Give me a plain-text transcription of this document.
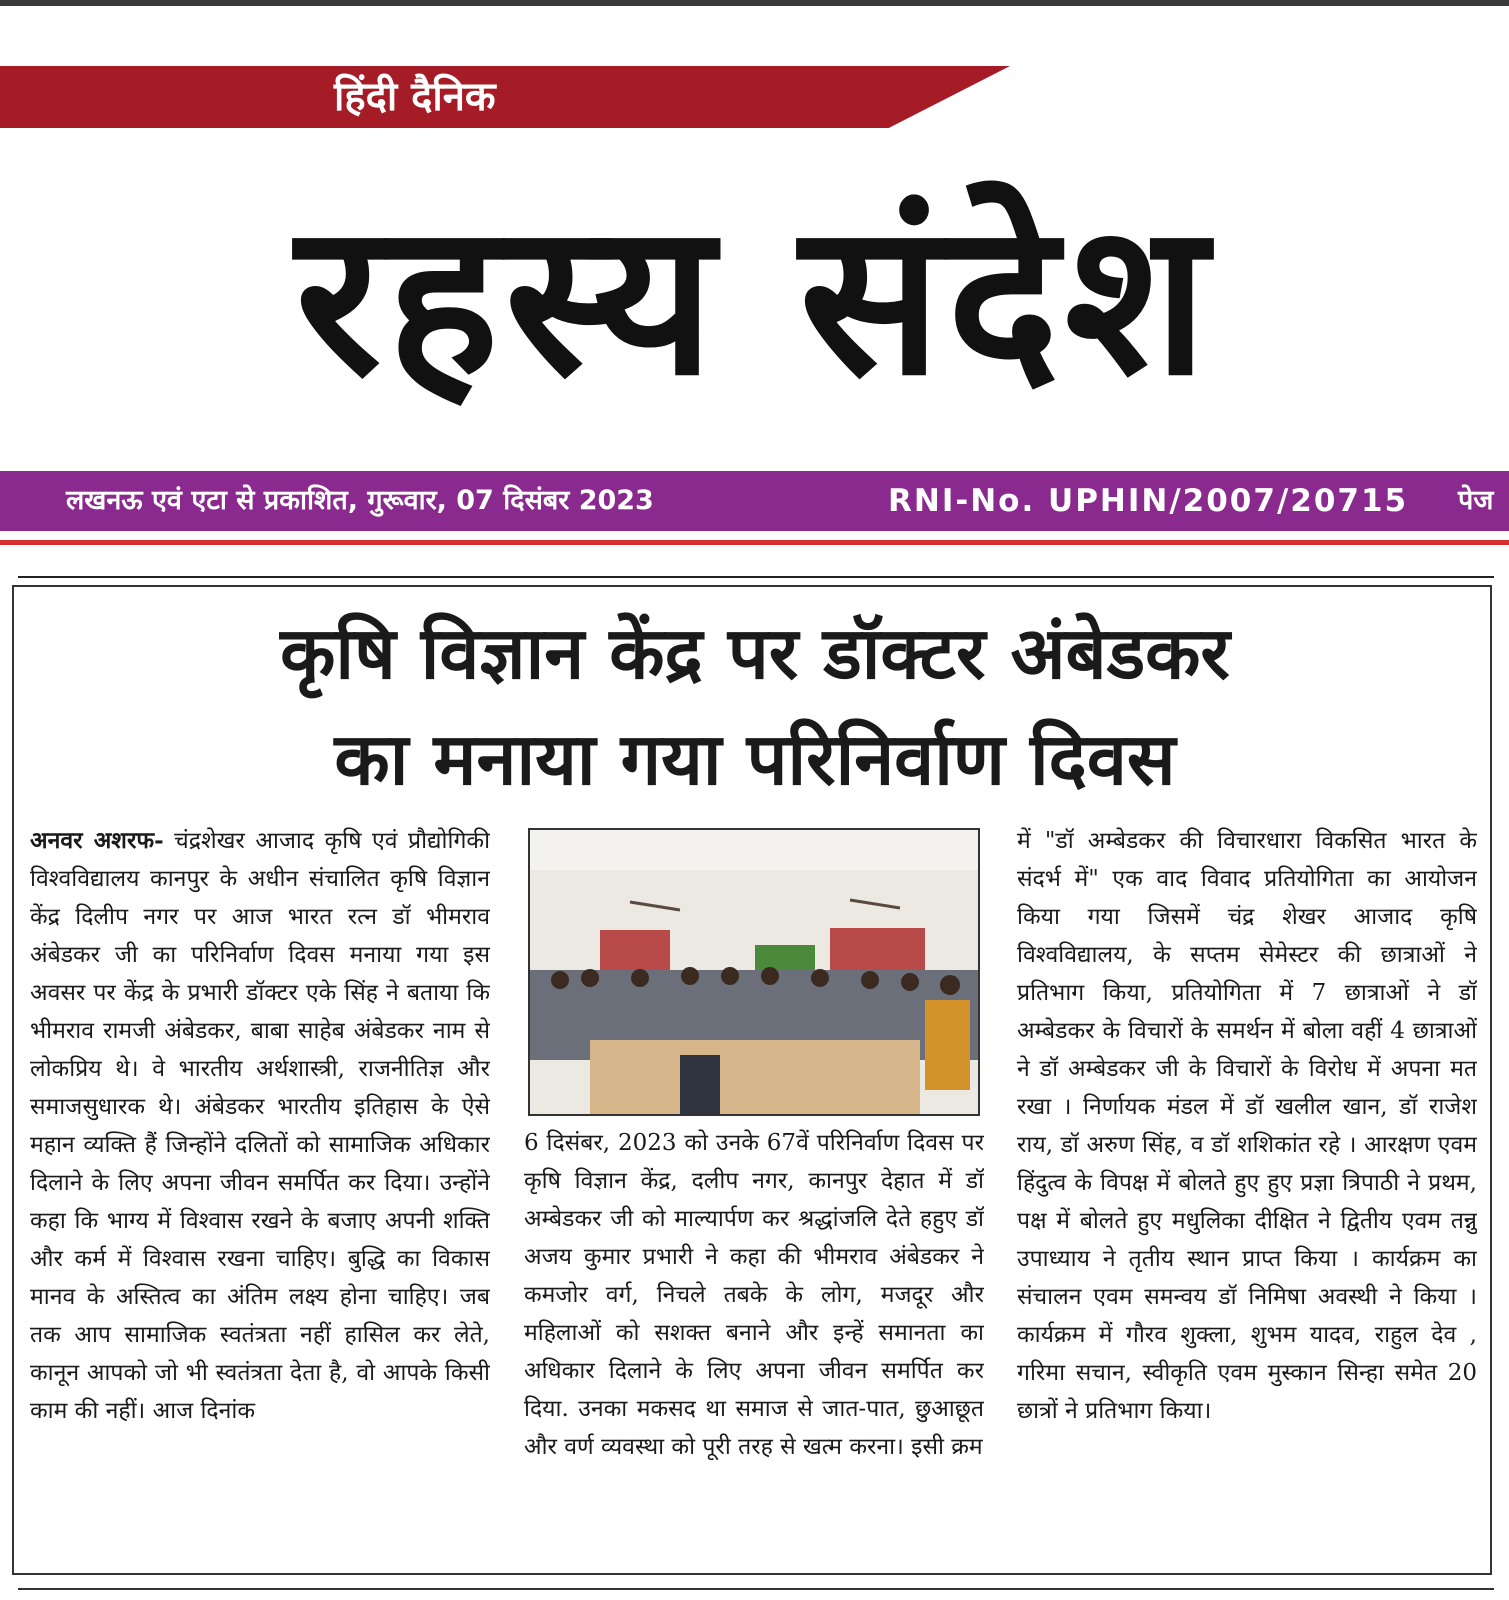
हिंदी दैनिक
रहस्य संदेश
लखनऊ एवं एटा से प्रकाशित, गुरूवार, 07 दिसंबर 2023	RNI-No. UPHIN/2007/20715 पेज
कृषि विज्ञान केंद्र पर डॉक्टर अंबेडकर
का मनाया गया परिनिर्वाण दिवस
अनवर अशरफ- चंद्रशेखर आजाद कृषि एवं प्रौद्योगिकी विश्वविद्यालय कानपुर के अधीन संचालित कृषि विज्ञान केंद्र दिलीप नगर पर आज भारत रत्न डॉ भीमराव अंबेडकर जी का परिनिर्वाण दिवस मनाया गया इस अवसर पर केंद्र के प्रभारी डॉक्टर एके सिंह ने बताया कि भीमराव रामजी अंबेडकर, बाबा साहेब अंबेडकर नाम से लोकप्रिय थे। वे भारतीय अर्थशास्त्री, राजनीतिज्ञ और समाजसुधारक थे। अंबेडकर भारतीय इतिहास के ऐसे महान व्यक्ति हैं जिन्होंने दलितों को सामाजिक अधिकार दिलाने के लिए अपना जीवन समर्पित कर दिया। उन्होंने कहा कि भाग्य में विश्वास रखने के बजाए अपनी शक्ति और कर्म में विश्वास रखना चाहिए। बुद्धि का विकास मानव के अस्तित्व का अंतिम लक्ष्य होना चाहिए। जब तक आप सामाजिक स्वतंत्रता नहीं हासिल कर लेते, कानून आपको जो भी स्वतंत्रता देता है, वो आपके किसी काम की नहीं। आज दिनांक
6 दिसंबर, 2023 को उनके 67वें परिनिर्वाण दिवस पर कृषि विज्ञान केंद्र, दलीप नगर, कानपुर देहात में डॉ अम्बेडकर जी को माल्यार्पण कर श्रद्धांजलि देते हहुए डॉ अजय कुमार प्रभारी ने कहा की भीमराव अंबेडकर ने कमजोर वर्ग, निचले तबके के लोग, मजदूर और महिलाओं को सशक्त बनाने और इन्हें समानता का अधिकार दिलाने के लिए अपना जीवन समर्पित कर दिया. उनका मकसद था समाज से जात-पात, छुआछूत और वर्ण व्यवस्था को पूरी तरह से खत्म करना। इसी क्रम
में "डॉ अम्बेडकर की विचारधारा विकसित भारत के संदर्भ में" एक वाद विवाद प्रतियोगिता का आयोजन किया गया जिसमें चंद्र शेखर आजाद कृषि विश्वविद्यालय, के सप्तम सेमेस्टर की छात्राओं ने प्रतिभाग किया, प्रतियोगिता में 7 छात्राओं ने डॉ अम्बेडकर के विचारों के समर्थन में बोला वहीं 4 छात्राओं ने डॉ अम्बेडकर जी के विचारों के विरोध में अपना मत रखा । निर्णायक मंडल में डॉ खलील खान, डॉ राजेश राय, डॉ अरुण सिंह, व डॉ शशिकांत रहे । आरक्षण एवम हिंदुत्व के विपक्ष में बोलते हुए हुए प्रज्ञा त्रिपाठी ने प्रथम, पक्ष में बोलते हुए मधुलिका दीक्षित ने द्वितीय एवम तन्नु उपाध्याय ने तृतीय स्थान प्राप्त किया । कार्यक्रम का संचालन एवम समन्वय डॉ निमिषा अवस्थी ने किया । कार्यक्रम में गौरव शुक्ला, शुभम यादव, राहुल देव , गरिमा सचान, स्वीकृति एवम मुस्कान सिन्हा समेत 20 छात्रों ने प्रतिभाग किया।
